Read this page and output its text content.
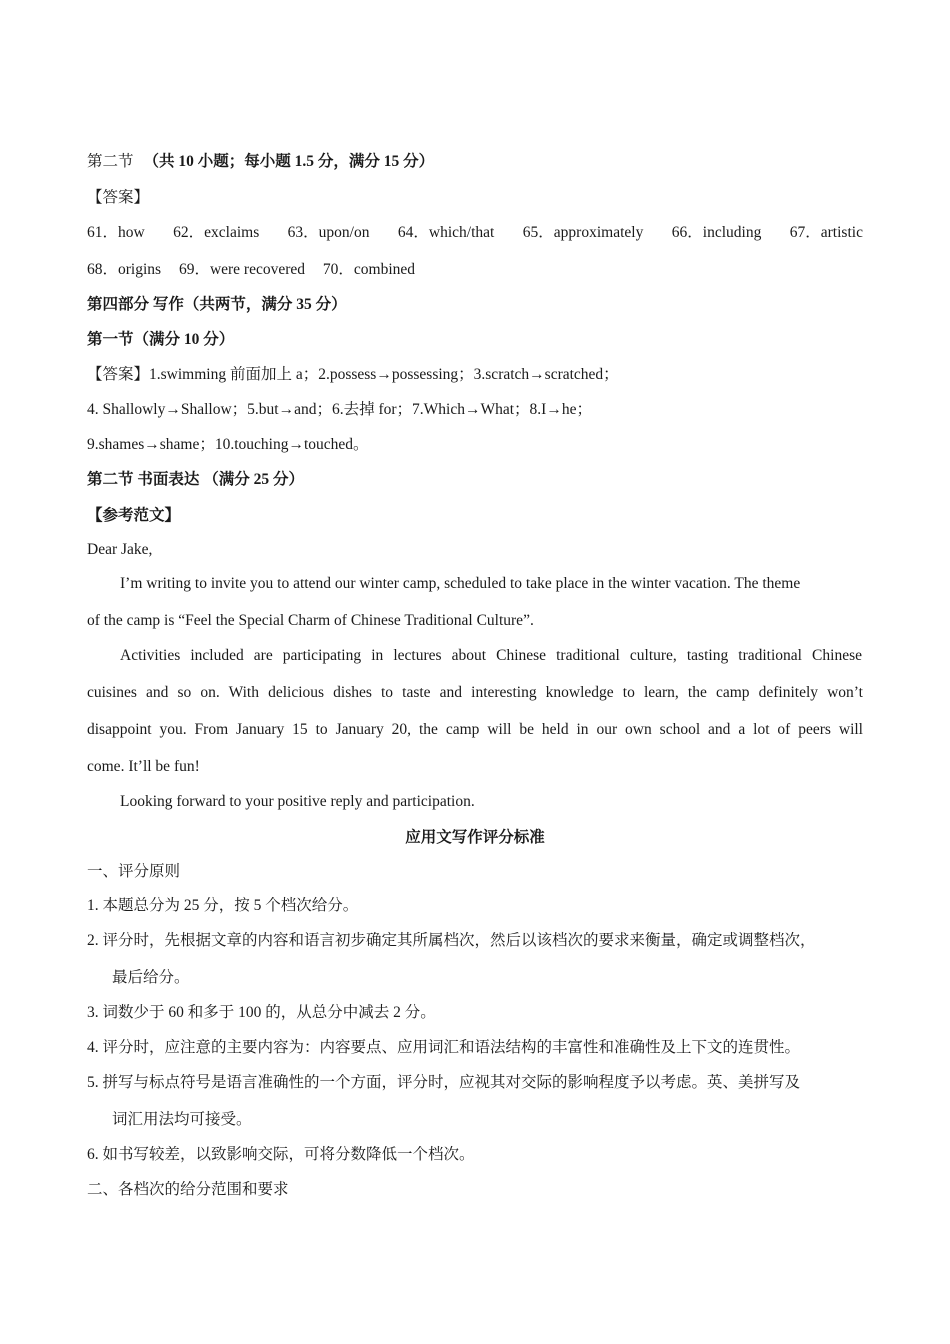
第二节 （共 10 小题；每小题 1.5 分，满分 15 分）
【答案】
61．how 62．exclaims 63．upon/on 64．which/that 65．approximately 66．including 67．artistic
68．origins 69．were recovered 70．combined
第四部分 写作（共两节，满分 35 分）
第一节（满分 10 分）
【答案】1.swimming 前面加上 a；2.possess→possessing；3.scratch→scratched；
4. Shallowly→Shallow；5.but→and；6.去掉 for；7.Which→What；8.I→he；
9.shames→shame；10.touching→touched。
第二节 书面表达 （满分 25 分）
【参考范文】
Dear Jake,
I’m writing to invite you to attend our winter camp, scheduled to take place in the winter vacation. The theme
of the camp is “Feel the Special Charm of Chinese Traditional Culture”.
Activities included are participating in lectures about Chinese traditional culture, tasting traditional Chinese
cuisines and so on. With delicious dishes to taste and interesting knowledge to learn, the camp definitely won’t
disappoint you. From January 15 to January 20, the camp will be held in our own school and a lot of peers will
come. It’ll be fun!
Looking forward to your positive reply and participation.
应用文写作评分标准
一、评分原则
1. 本题总分为 25 分，按 5 个档次给分。
2. 评分时，先根据文章的内容和语言初步确定其所属档次，然后以该档次的要求来衡量，确定或调整档次，
最后给分。
3. 词数少于 60 和多于 100 的，从总分中减去 2 分。
4. 评分时，应注意的主要内容为：内容要点、应用词汇和语法结构的丰富性和准确性及上下文的连贯性。
5. 拼写与标点符号是语言准确性的一个方面，评分时，应视其对交际的影响程度予以考虑。英、美拼写及
词汇用法均可接受。
6. 如书写较差，以致影响交际，可将分数降低一个档次。
二、各档次的给分范围和要求
